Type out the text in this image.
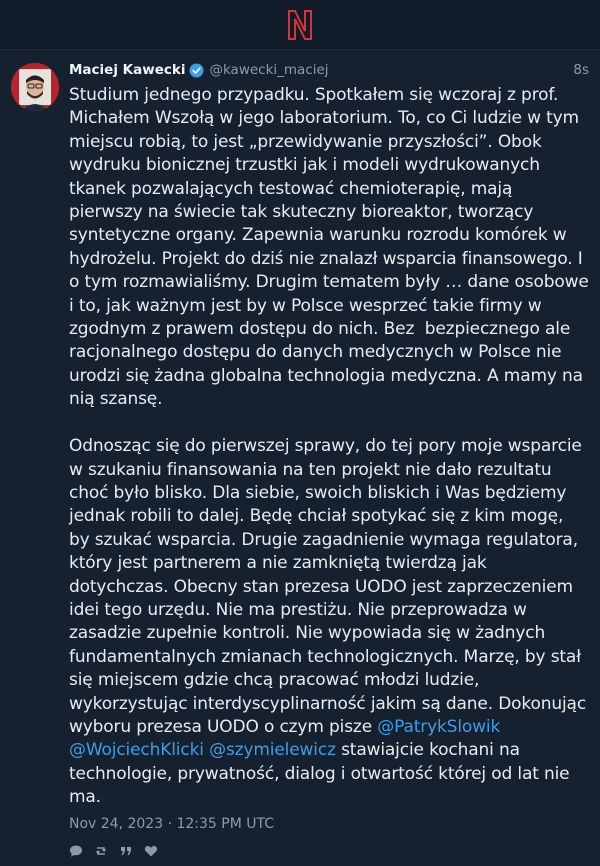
Maciej Kawecki @kawecki_maciej	8s
Studium jednego przypadku. Spotkałem się wczoraj z prof. Michałem Wszołą w jego laboratorium. To, co Ci ludzie w tym miejscu robią, to jest „przewidywanie przyszłości”. Obok wydruku bionicznej trzustki jak i modeli wydrukowanych tkanek pozwalających testować chemioterapię, mają pierwszy na świecie tak skuteczny bioreaktor, tworzący syntetyczne organy. Zapewnia warunku rozrodu komórek w hydrożelu. Projekt do dziś nie znalazł wsparcia finansowego. I o tym rozmawialiśmy. Drugim tematem były … dane osobowe i to, jak ważnym jest by w Polsce wesprzeć takie firmy w zgodnym z prawem dostępu do nich. Bez  bezpiecznego ale racjonalnego dostępu do danych medycznych w Polsce nie urodzi się żadna globalna technologia medyczna. A mamy na nią szansę.

Odnosząc się do pierwszej sprawy, do tej pory moje wsparcie w szukaniu finansowania na ten projekt nie dało rezultatu choć było blisko. Dla siebie, swoich bliskich i Was będziemy jednak robili to dalej. Będę chciał spotykać się z kim mogę, by szukać wsparcia. Drugie zagadnienie wymaga regulatora, który jest partnerem a nie zamkniętą twierdzą jak dotychczas. Obecny stan prezesa UODO jest zaprzeczeniem idei tego urzędu. Nie ma prestiżu. Nie przeprowadza w zasadzie zupełnie kontroli. Nie wypowiada się w żadnych fundamentalnych zmianach technologicznych. Marzę, by stał się miejscem gdzie chcą pracować młodzi ludzie, wykorzystując interdyscyplinarność jakim są dane. Dokonując wyboru prezesa UODO o czym pisze @PatrykSlowik
@WojciechKlicki @szymielewicz stawiajcie kochani na technologie, prywatność, dialog i otwartość której od lat nie ma.
Nov 24, 2023 · 12:35 PM UTC
